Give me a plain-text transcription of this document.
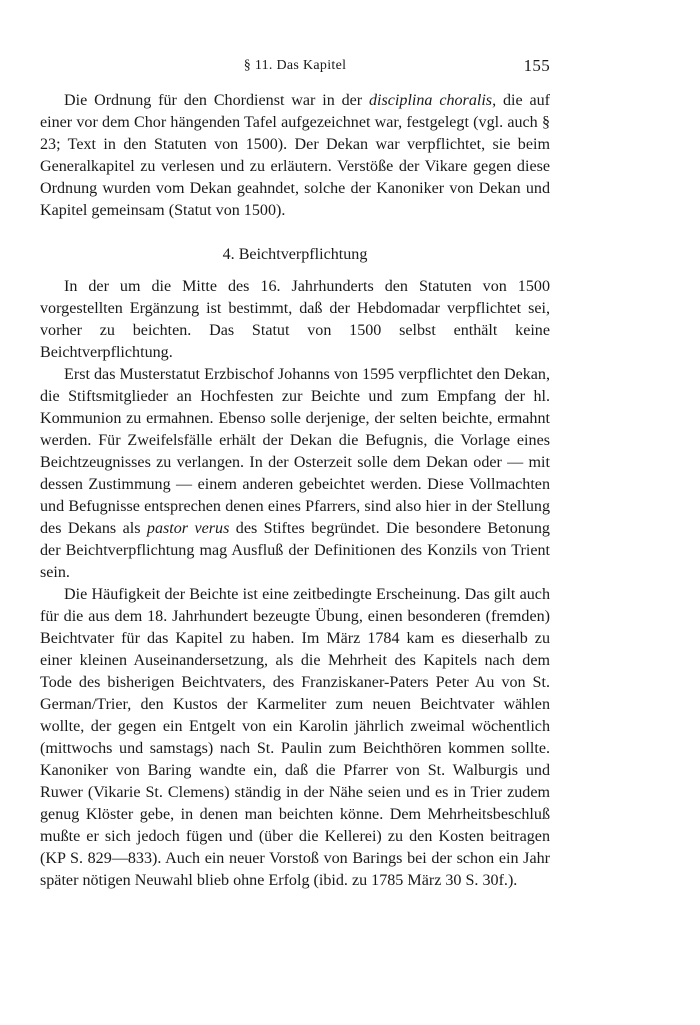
§ 11. Das Kapitel	155

Die Ordnung für den Chordienst war in der disciplina choralis, die auf einer vor dem Chor hängenden Tafel aufgezeichnet war, festgelegt (vgl. auch § 23; Text in den Statuten von 1500). Der Dekan war verpflichtet, sie beim Generalkapitel zu verlesen und zu erläutern. Verstöße der Vikare gegen diese Ordnung wurden vom Dekan geahndet, solche der Kanoniker von Dekan und Kapitel gemeinsam (Statut von 1500).

4. Beichtverpflichtung

In der um die Mitte des 16. Jahrhunderts den Statuten von 1500 vorgestellten Ergänzung ist bestimmt, daß der Hebdomadar verpflichtet sei, vorher zu beichten. Das Statut von 1500 selbst enthält keine Beichtverpflichtung.

Erst das Musterstatut Erzbischof Johanns von 1595 verpflichtet den Dekan, die Stiftsmitglieder an Hochfesten zur Beichte und zum Empfang der hl. Kommunion zu ermahnen. Ebenso solle derjenige, der selten beichte, ermahnt werden. Für Zweifelsfälle erhält der Dekan die Befugnis, die Vorlage eines Beichtzeugnisses zu verlangen. In der Osterzeit solle dem Dekan oder — mit dessen Zustimmung — einem anderen gebeichtet werden. Diese Vollmachten und Befugnisse entsprechen denen eines Pfarrers, sind also hier in der Stellung des Dekans als pastor verus des Stiftes begründet. Die besondere Betonung der Beichtverpflichtung mag Ausfluß der Definitionen des Konzils von Trient sein.

Die Häufigkeit der Beichte ist eine zeitbedingte Erscheinung. Das gilt auch für die aus dem 18. Jahrhundert bezeugte Übung, einen besonderen (fremden) Beichtvater für das Kapitel zu haben. Im März 1784 kam es dieserhalb zu einer kleinen Auseinandersetzung, als die Mehrheit des Kapitels nach dem Tode des bisherigen Beichtvaters, des Franziskaner-Paters Peter Au von St. German/Trier, den Kustos der Karmeliter zum neuen Beichtvater wählen wollte, der gegen ein Entgelt von ein Karolin jährlich zweimal wöchentlich (mittwochs und samstags) nach St. Paulin zum Beichthören kommen sollte. Kanoniker von Baring wandte ein, daß die Pfarrer von St. Walburgis und Ruwer (Vikarie St. Clemens) ständig in der Nähe seien und es in Trier zudem genug Klöster gebe, in denen man beichten könne. Dem Mehrheitsbeschluß mußte er sich jedoch fügen und (über die Kellerei) zu den Kosten beitragen (KP S. 829—833). Auch ein neuer Vorstoß von Barings bei der schon ein Jahr später nötigen Neuwahl blieb ohne Erfolg (ibid. zu 1785 März 30 S. 30f.).
